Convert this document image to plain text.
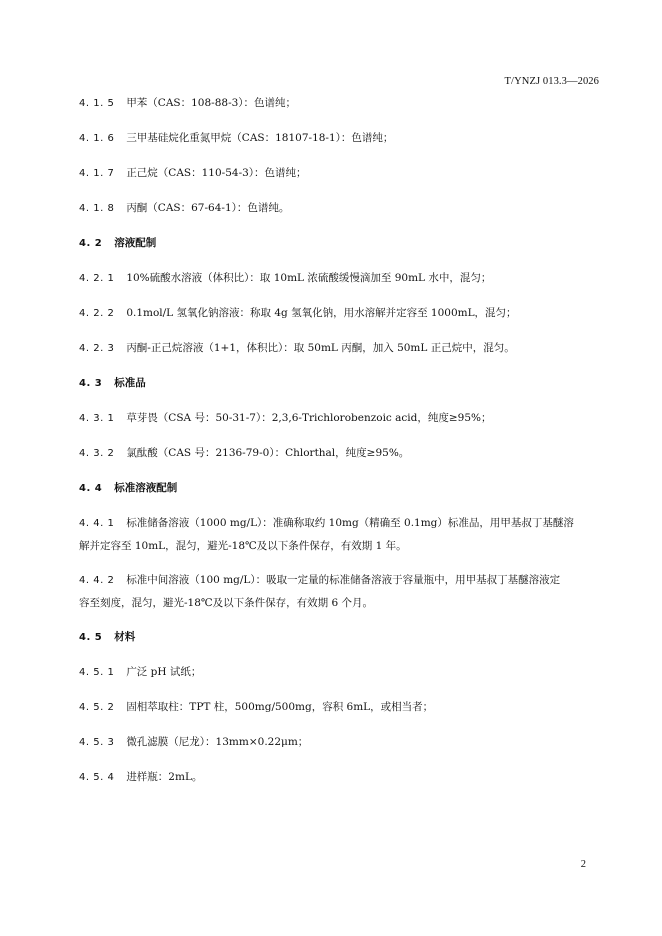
T/YNZJ 013.3—2026

4. 1. 5 甲苯（CAS：108-88-3）：色谱纯；

4. 1. 6 三甲基硅烷化重氮甲烷（CAS：18107-18-1）：色谱纯；

4. 1. 7 正己烷（CAS：110-54-3）：色谱纯；

4. 1. 8 丙酮（CAS：67-64-1）：色谱纯。

4. 2 溶液配制

4. 2. 1 10%硫酸水溶液（体积比）：取 10mL 浓硫酸缓慢滴加至 90mL 水中，混匀；

4. 2. 2 0.1mol/L 氢氧化钠溶液：称取 4g 氢氧化钠，用水溶解并定容至 1000mL，混匀；

4. 2. 3 丙酮-正己烷溶液（1+1，体积比）：取 50mL 丙酮，加入 50mL 正己烷中，混匀。

4. 3 标准品

4. 3. 1 草芽畏（CSA 号：50-31-7）：2,3,6-Trichlorobenzoic acid，纯度≥95%；

4. 3. 2 氯酞酸（CAS 号：2136-79-0）：Chlorthal，纯度≥95%。

4. 4 标准溶液配制

4. 4. 1 标准储备溶液（1000 mg/L）：准确称取约 10mg（精确至 0.1mg）标准品，用甲基叔丁基醚溶

解并定容至 10mL，混匀，避光-18℃及以下条件保存，有效期 1 年。

4. 4. 2 标准中间溶液（100 mg/L）：吸取一定量的标准储备溶液于容量瓶中，用甲基叔丁基醚溶液定

容至刻度，混匀，避光-18℃及以下条件保存，有效期 6 个月。

4. 5 材料

4. 5. 1 广泛 pH 试纸；

4. 5. 2 固相萃取柱：TPT 柱，500mg/500mg，容积 6mL，或相当者；

4. 5. 3 微孔滤膜（尼龙）：13mm×0.22μm；

4. 5. 4 进样瓶：2mL。

2
